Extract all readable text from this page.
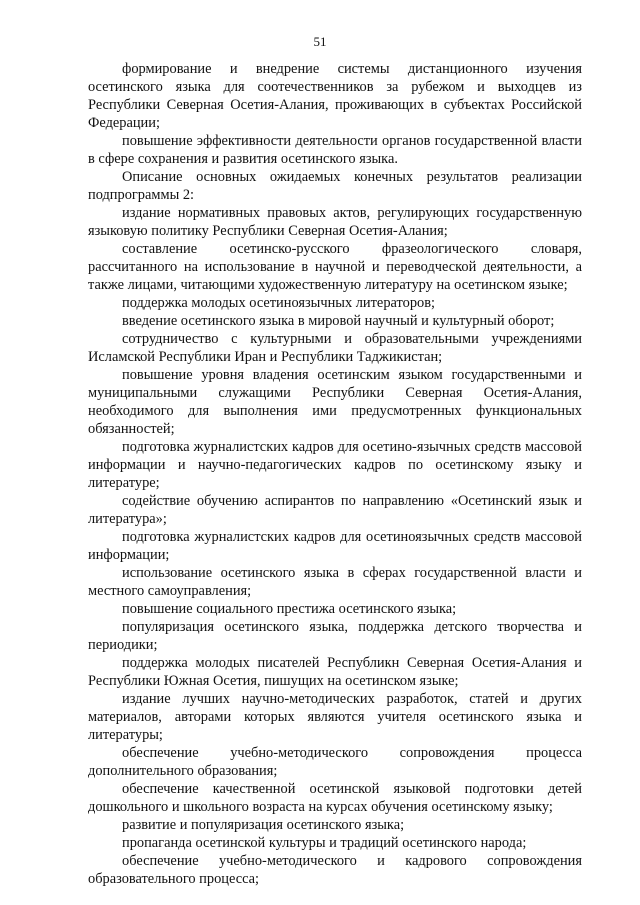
51

формирование и внедрение системы дистанционного изучения осетинского языка для соотечественников за рубежом и выходцев из Республики Северная Осетия-Алания, проживающих в субъектах Российской Федерации;

повышение эффективности деятельности органов государственной власти в сфере сохранения и развития осетинского языка.

Описание основных ожидаемых конечных результатов реализации подпрограммы 2:

издание нормативных правовых актов, регулирующих государственную языковую политику Республики Северная Осетия-Алания;

составление осетинско-русского фразеологического словаря, рассчитанного на использование в научной и переводческой деятельности, а также лицами, читающими художественную литературу на осетинском языке;

поддержка молодых осетиноязычных литераторов;

введение осетинского языка в мировой научный и культурный оборот;

сотрудничество с культурными и образовательными учреждениями Исламской Республики Иран и Республики Таджикистан;

повышение уровня владения осетинским языком государственными и муниципальными служащими Республики Северная Осетия-Алания, необходимого для выполнения ими предусмотренных функциональных обязанностей;

подготовка журналистских кадров для осетино-язычных средств массовой информации и научно-педагогических кадров по осетинскому языку и литературе;

содействие обучению аспирантов по направлению «Осетинский язык и литература»;

подготовка журналистских кадров для осетиноязычных средств массовой информации;

использование осетинского языка в сферах государственной власти и местного самоуправления;

повышение социального престижа осетинского языка;

популяризация осетинского языка, поддержка детского творчества и периодики;

поддержка молодых писателей Республикн Северная Осетия-Алания и Республики Южная Осетия, пишущих на осетинском языке;

издание лучших научно-методических разработок, статей и других материалов, авторами которых являются учителя осетинского языка и литературы;

обеспечение учебно-методического сопровождения процесса дополнительного образования;

обеспечение качественной осетинской языковой подготовки детей дошкольного и школьного возраста на курсах обучения осетинскому языку;

развитие и популяризация осетинского языка;

пропаганда осетинской культуры и традиций осетинского народа;

обеспечение учебно-методического и кадрового сопровождения образовательного процесса;
